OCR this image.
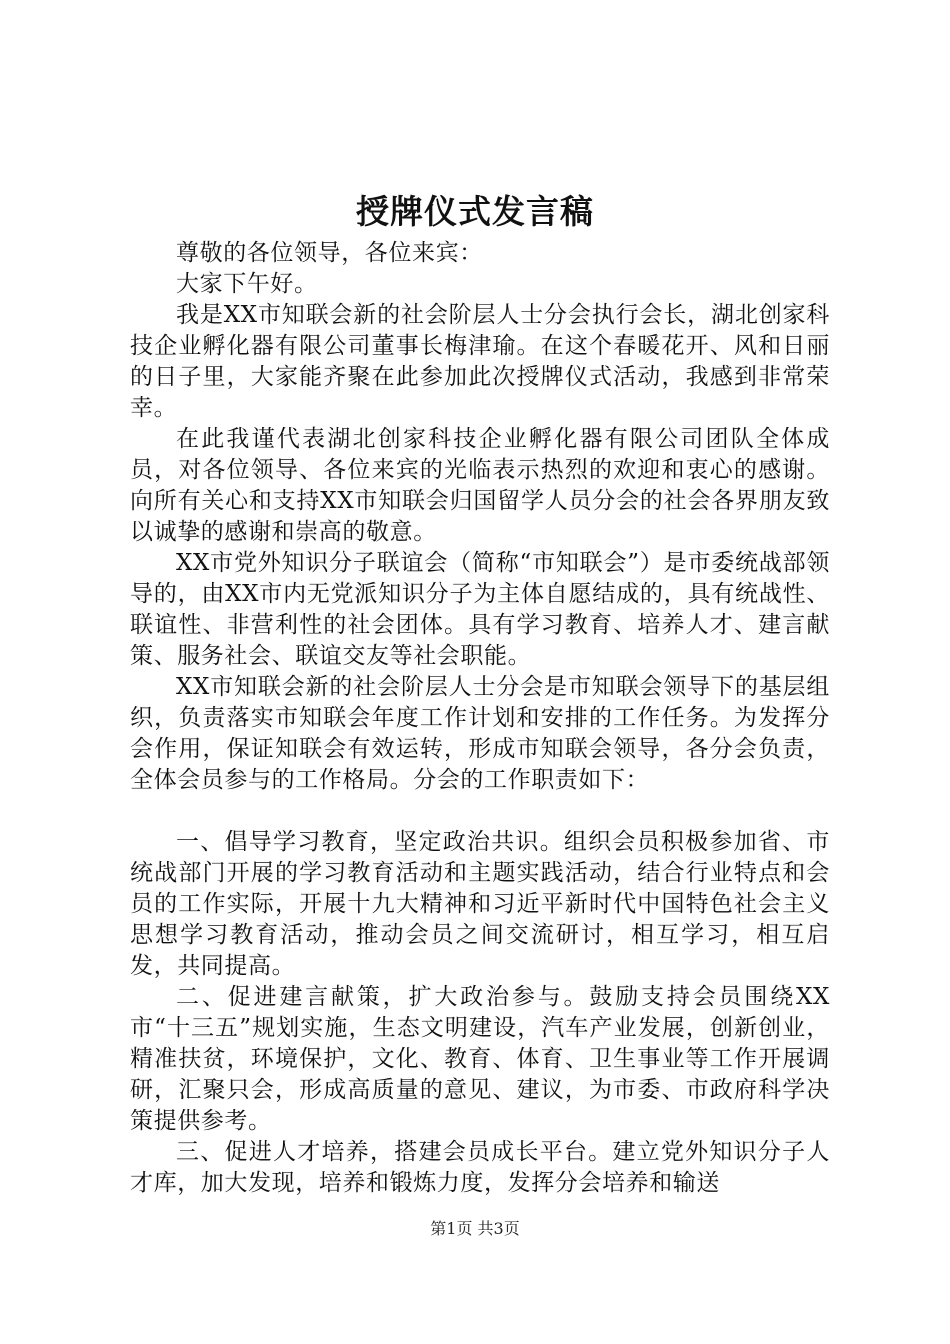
授牌仪式发言稿

尊敬的各位领导，各位来宾：

大家下午好。

我是XX市知联会新的社会阶层人士分会执行会长，湖北创家科技企业孵化器有限公司董事长梅津瑜。在这个春暖花开、风和日丽的日子里，大家能齐聚在此参加此次授牌仪式活动，我感到非常荣幸。

在此我谨代表湖北创家科技企业孵化器有限公司团队全体成员，对各位领导、各位来宾的光临表示热烈的欢迎和衷心的感谢。向所有关心和支持XX市知联会归国留学人员分会的社会各界朋友致以诚挚的感谢和崇高的敬意。

XX市党外知识分子联谊会（简称“市知联会”）是市委统战部领导的，由XX市内无党派知识分子为主体自愿结成的，具有统战性、联谊性、非营利性的社会团体。具有学习教育、培养人才、建言献策、服务社会、联谊交友等社会职能。

XX市知联会新的社会阶层人士分会是市知联会领导下的基层组织，负责落实市知联会年度工作计划和安排的工作任务。为发挥分会作用，保证知联会有效运转，形成市知联会领导，各分会负责，全体会员参与的工作格局。分会的工作职责如下：

一、倡导学习教育，坚定政治共识。组织会员积极参加省、市统战部门开展的学习教育活动和主题实践活动，结合行业特点和会员的工作实际，开展十九大精神和习近平新时代中国特色社会主义思想学习教育活动，推动会员之间交流研讨，相互学习，相互启发，共同提高。

二、促进建言献策，扩大政治参与。鼓励支持会员围绕XX市“十三五”规划实施，生态文明建设，汽车产业发展，创新创业，精准扶贫，环境保护，文化、教育、体育、卫生事业等工作开展调研，汇聚只会，形成高质量的意见、建议，为市委、市政府科学决策提供参考。

三、促进人才培养，搭建会员成长平台。建立党外知识分子人才库，加大发现，培养和锻炼力度，发挥分会培养和输送

第1页 共3页
